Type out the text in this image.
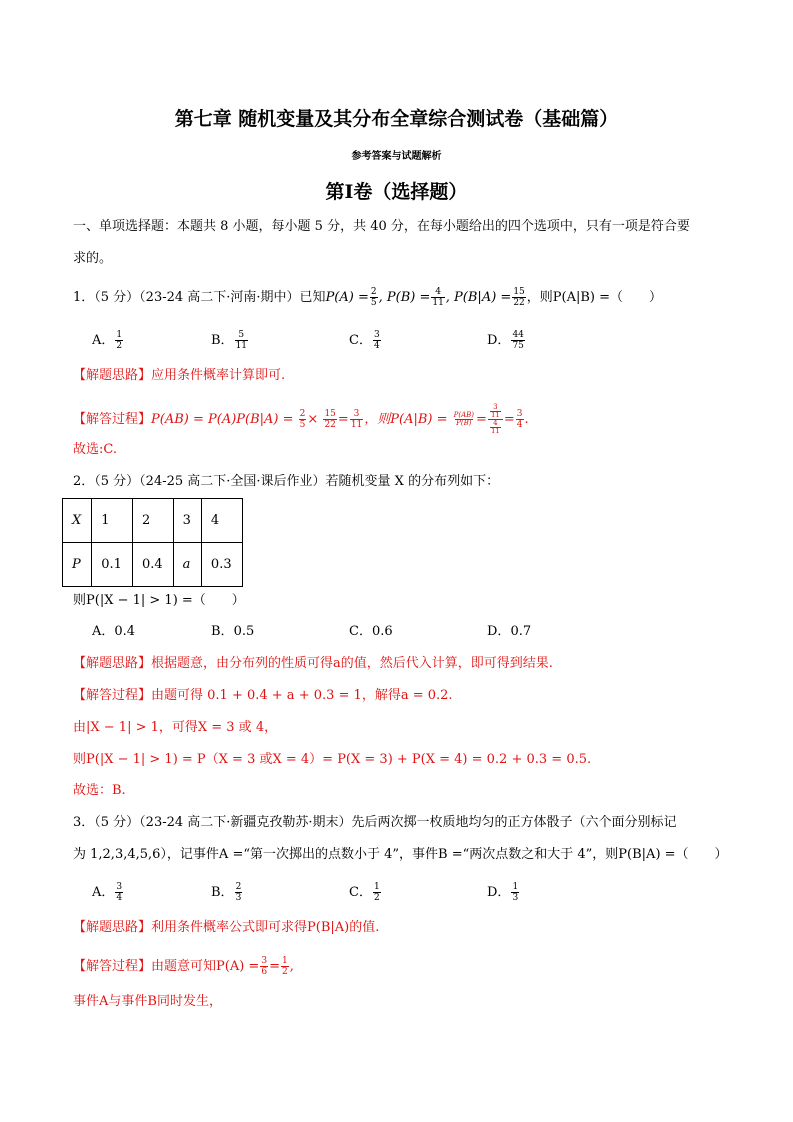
第七章 随机变量及其分布全章综合测试卷（基础篇）
参考答案与试题解析
第I卷（选择题）
一、单项选择题：本题共 8 小题，每小题 5 分，共 40 分，在每小题给出的四个选项中，只有一项是符合要
求的。
1．（5 分）（23-24 高二下·河南·期中）已知$P(A) = \frac{2}{5}$ , $P(B) = \frac{4}{11}$ , $P(B|A) = \frac{15}{22}$ ，则P(A|B) =（　　）
A． $\frac{1}{2}$	B． $\frac{5}{11}$	C． $\frac{3}{4}$	D． $\frac{44}{75}$
【解题思路】应用条件概率计算即可.
【解答过程】$P(AB) = P(A)P(B|A) = \frac{2}{5} \times \frac{15}{22} = \frac{3}{11}$ ，则$P(A|B) = \frac{P(AB)}{P(B)} = \frac{\frac{3}{11}}{\frac{4}{11}} = \frac{3}{4}$ .
故选:C.
2．（5 分）（24-25 高二下·全国·课后作业）若随机变量 X 的分布列如下：
X	1	2	3	4
P	0.1	0.4	a	0.3
则P(|X − 1| > 1) =（　　）
A．0.4	B．0.5	C．0.6	D．0.7
【解题思路】根据题意，由分布列的性质可得a的值，然后代入计算，即可得到结果.
【解答过程】由题可得 0.1 + 0.4 + a + 0.3 = 1，解得a = 0.2.
由|X − 1| > 1，可得X = 3 或 4，
则P(|X − 1| > 1) = P（X = 3 或X = 4）= P(X = 3) + P(X = 4) = 0.2 + 0.3 = 0.5.
故选：B.
3．（5 分）（23-24 高二下·新疆克孜勒苏·期末）先后两次掷一枚质地均匀的正方体骰子（六个面分别标记
为 1,2,3,4,5,6），记事件A =“第一次掷出的点数小于 4”，事件B =“两次点数之和大于 4”，则P(B|A) =（　　）
A． $\frac{3}{4}$	B． $\frac{2}{3}$	C． $\frac{1}{2}$	D． $\frac{1}{3}$
【解题思路】利用条件概率公式即可求得P(B|A)的值.
【解答过程】由题意可知$P(A) = \frac{3}{6} = \frac{1}{2}$ ,
事件A与事件B同时发生，
